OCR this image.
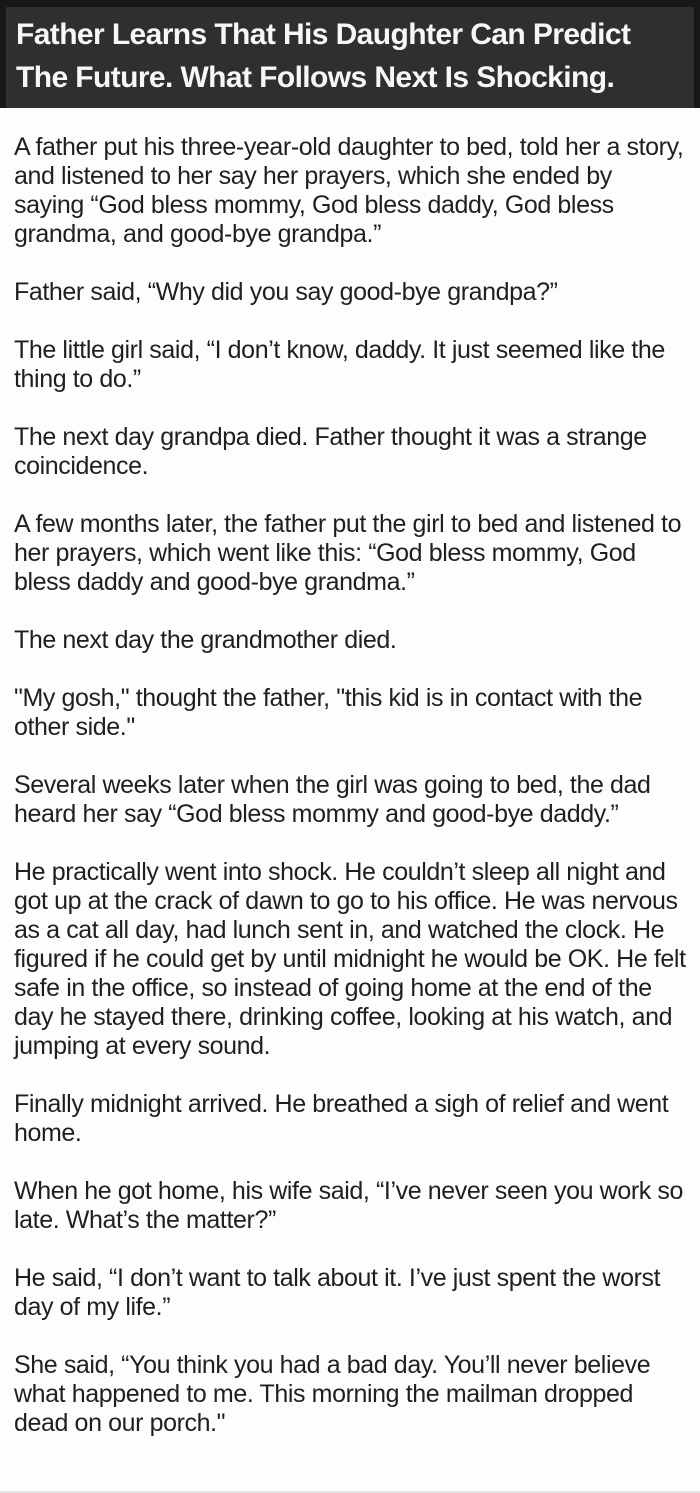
Father Learns That His Daughter Can Predict
The Future. What Follows Next Is Shocking.

A father put his three-year-old daughter to bed, told her a story, and listened to her say her prayers, which she ended by saying “God bless mommy, God bless daddy, God bless grandma, and good-bye grandpa.”

Father said, “Why did you say good-bye grandpa?”

The little girl said, “I don’t know, daddy. It just seemed like the thing to do.”

The next day grandpa died. Father thought it was a strange coincidence.

A few months later, the father put the girl to bed and listened to her prayers, which went like this: “God bless mommy, God bless daddy and good-bye grandma.”

The next day the grandmother died.

"My gosh," thought the father, "this kid is in contact with the other side."

Several weeks later when the girl was going to bed, the dad heard her say “God bless mommy and good-bye daddy.”

He practically went into shock. He couldn’t sleep all night and got up at the crack of dawn to go to his office. He was nervous as a cat all day, had lunch sent in, and watched the clock. He figured if he could get by until midnight he would be OK. He felt safe in the office, so instead of going home at the end of the day he stayed there, drinking coffee, looking at his watch, and jumping at every sound.

Finally midnight arrived. He breathed a sigh of relief and went home.

When he got home, his wife said, “I’ve never seen you work so late. What’s the matter?”

He said, “I don’t want to talk about it. I’ve just spent the worst day of my life.”

She said, “You think you had a bad day. You’ll never believe what happened to me. This morning the mailman dropped dead on our porch."
